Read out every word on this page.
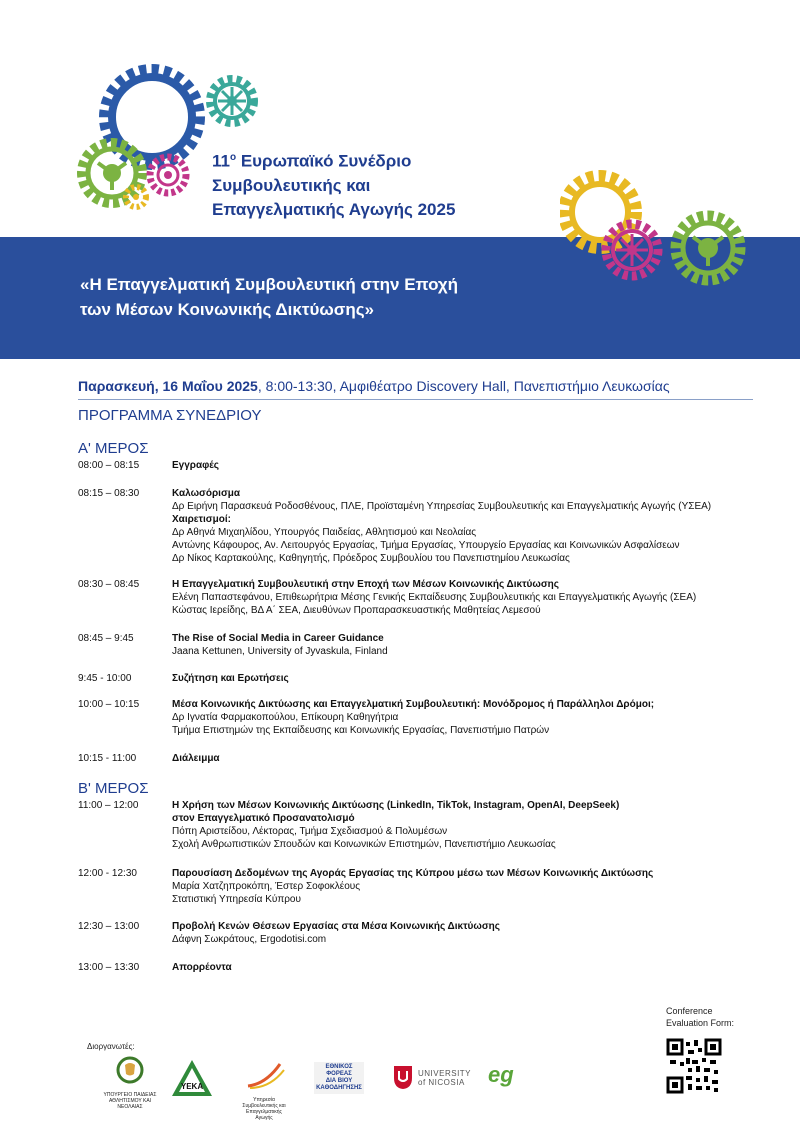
$11^o$ Ευρωπαϊκό Συνέδριο
Συμβουλευτικής και
Επαγγελματικής Αγωγής 2025
«Η Επαγγελματική Συμβουλευτική στην Εποχή
των Μέσων Κοινωνικής Δικτύωσης»
Παρασκευή, 16 Μαΐου 2025, 8:00-13:30, Αμφιθέατρο Discovery Hall, Πανεπιστήμιο Λευκωσίας
ΠΡΟΓΡΑΜΜΑ ΣΥΝΕΔΡΙΟΥ
Α' ΜΕΡΟΣ
08:00 – 08:15	Εγγραφές
08:15 – 08:30	Καλωσόρισμα
Δρ Ειρήνη Παρασκευά Ροδοσθένους, ΠΛΕ, Προϊσταμένη Υπηρεσίας Συμβουλευτικής και Επαγγελματικής Αγωγής (ΥΣΕΑ)
Χαιρετισμοί:
Δρ Αθηνά Μιχαηλίδου, Υπουργός Παιδείας, Αθλητισμού και Νεολαίας
Αντώνης Κάφουρος, Αν. Λειτουργός Εργασίας, Τμήμα Εργασίας, Υπουργείο Εργασίας και Κοινωνικών Ασφαλίσεων
Δρ Νίκος Καρτακούλης, Καθηγητής, Πρόεδρος Συμβουλίου του Πανεπιστημίου Λευκωσίας
08:30 – 08:45	Η Επαγγελματική Συμβουλευτική στην Εποχή των Μέσων Κοινωνικής Δικτύωσης
Ελένη Παπαστεφάνου, Επιθεωρήτρια Μέσης Γενικής Εκπαίδευσης Συμβουλευτικής και Επαγγελματικής Αγωγής (ΣΕΑ)
Κώστας Ιερείδης, ΒΔ Α΄ ΣΕΑ, Διευθύνων Προπαρασκευαστικής Μαθητείας Λεμεσού
08:45 – 9:45	The Rise of Social Media in Career Guidance
Jaana Kettunen, University of Jyvaskula, Finland
9:45 - 10:00	Συζήτηση και Ερωτήσεις
10:00 – 10:15	Μέσα Κοινωνικής Δικτύωσης και Επαγγελματική Συμβουλευτική: Μονόδρομος ή Παράλληλοι Δρόμοι;
Δρ Ιγνατία Φαρμακοπούλου, Επίκουρη Καθηγήτρια
Τμήμα Επιστημών της Εκπαίδευσης και Κοινωνικής Εργασίας, Πανεπιστήμιο Πατρών
10:15 - 11:00	Διάλειμμα
Β' ΜΕΡΟΣ
11:00 – 12:00	Η Χρήση των Μέσων Κοινωνικής Δικτύωσης (LinkedIn, TikTok, Instagram, OpenAI, DeepSeek)
στον Επαγγελματικό Προσανατολισμό
Πόπη Αριστείδου, Λέκτορας, Τμήμα Σχεδιασμού & Πολυμέσων
Σχολή Ανθρωπιστικών Σπουδών και Κοινωνικών Επιστημών, Πανεπιστήμιο Λευκωσίας
12:00 - 12:30	Παρουσίαση Δεδομένων της Αγοράς Εργασίας της Κύπρου μέσω των Μέσων Κοινωνικής Δικτύωσης
Μαρία Χατζηπροκόπη, Έστερ Σοφοκλέους
Στατιστική Υπηρεσία Κύπρου
12:30 – 13:00	Προβολή Κενών Θέσεων Εργασίας στα Μέσα Κοινωνικής Δικτύωσης
Δάφνη Σωκράτους, Ergodotisi.com
13:00 – 13:30	Απορρέοντα
Conference
Evaluation Form:
Διοργανωτές:
ΥΠΟΥΡΓΕΙΟ ΠΑΙΔΕΙΑΣ ΑΘΛΗΤΙΣΜΟΥ ΚΑΙ ΝΕΟΛΑΙΑΣ
ΥΕΚΑ
Υπηρεσία Συμβουλευτικής και Επαγγελματικής Αγωγής
ΕΘΝΙΚΟΣ
ΦΟΡΕΑΣ
ΔΙΑ ΒΙΟΥ
ΚΑΘΟΔΗΓΗΣΗΣ
UNIVERSITY
of NICOSIA eg
